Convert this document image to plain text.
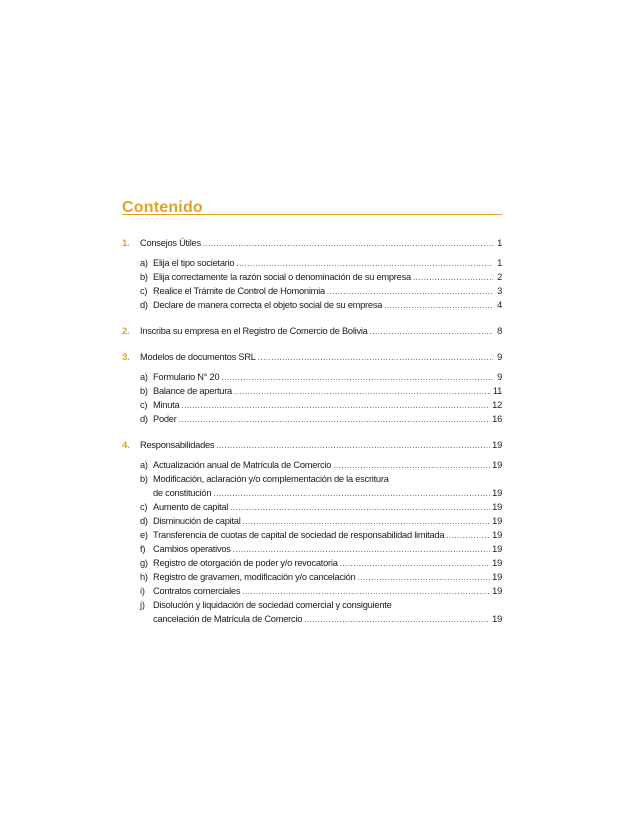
Contenido
1.	Consejos Útiles .....	1
a) Elija el tipo societario .....	1
b) Elija correctamente la razón social o denominación de su empresa .....	2
c) Realice el Trámite de Control de Homonimia .....	3
d) Declare de manera correcta el objeto social de su empresa .....	4
2.	Inscriba su empresa en el Registro de Comercio de Bolivia .....	8
3.	Modelos de documentos SRL .....	9
a) Formulario N° 20 .....	9
b) Balance de apertura .....	11
c) Minuta .....	12
d) Poder .....	16
4.	Responsabilidades .....	19
a) Actualización anual de Matrícula de Comercio .....	19
b) Modificación, aclaración y/o complementación de la escritura
de constitución .....	19
c) Aumento de capital .....	19
d) Disminución de capital .....	19
e) Transferencia de cuotas de capital de sociedad de responsabilidad limitada .....	19
f) Cambios operativos .....	19
g) Registro de otorgación de poder y/o revocatoria .....	19
h) Registro de gravamen, modificación y/o cancelación .....	19
i) Contratos comerciales .....	19
j) Disolución y liquidación de sociedad comercial y consiguiente
cancelación de Matrícula de Comercio .....	19
